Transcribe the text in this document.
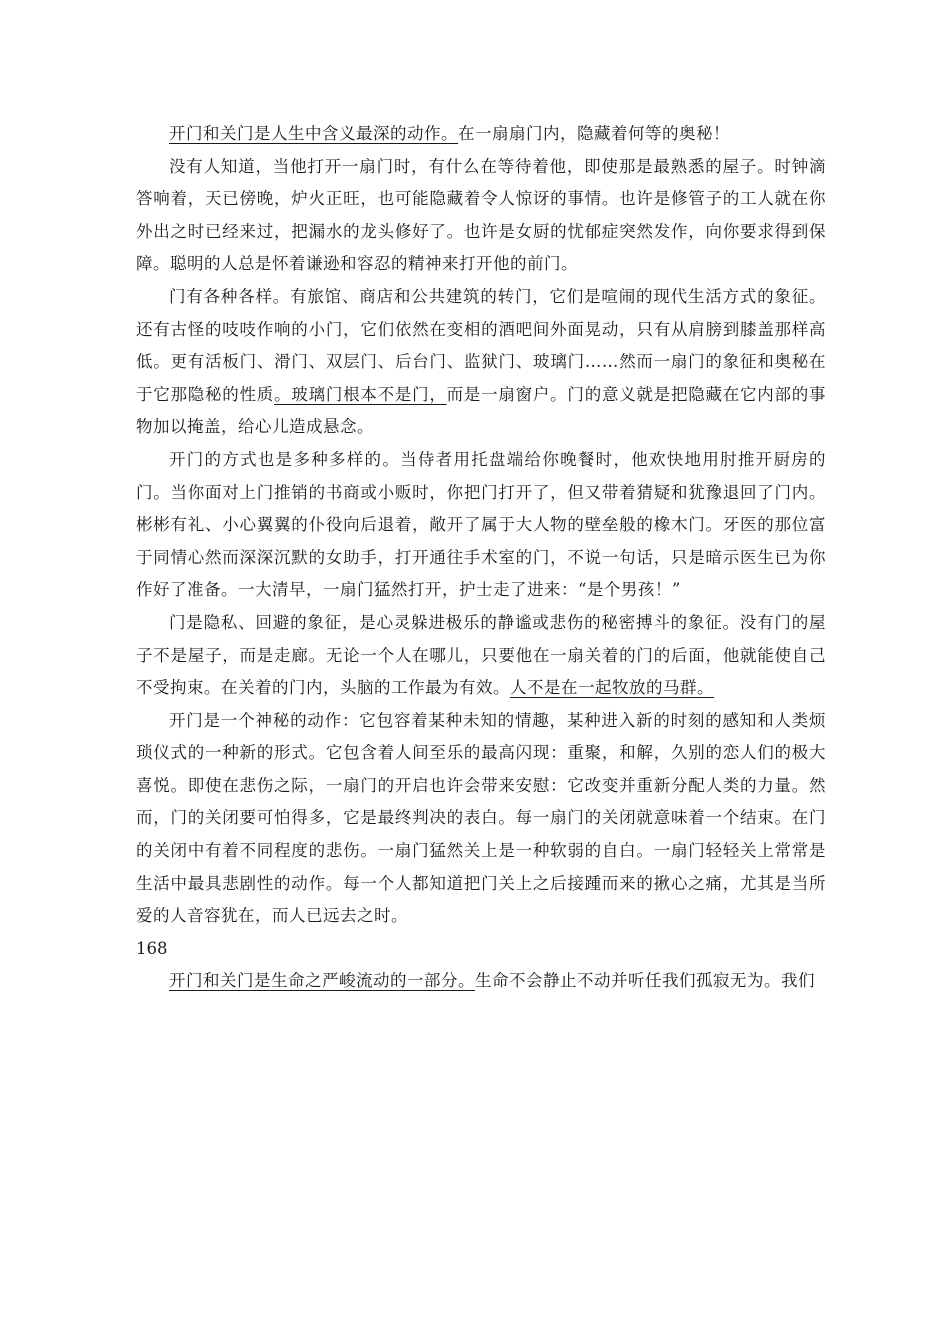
开门和关门是人生中含义最深的动作。在一扇扇门内，隐藏着何等的奥秘！

没有人知道，当他打开一扇门时，有什么在等待着他，即使那是最熟悉的屋子。时钟滴答响着，天已傍晚，炉火正旺，也可能隐藏着令人惊讶的事情。也许是修管子的工人就在你外出之时已经来过，把漏水的龙头修好了。也许是女厨的忧郁症突然发作，向你要求得到保障。聪明的人总是怀着谦逊和容忍的精神来打开他的前门。

门有各种各样。有旅馆、商店和公共建筑的转门，它们是喧闹的现代生活方式的象征。还有古怪的吱吱作响的小门，它们依然在变相的酒吧间外面晃动，只有从肩膀到膝盖那样高低。更有活板门、滑门、双层门、后台门、监狱门、玻璃门……然而一扇门的象征和奥秘在于它那隐秘的性质。玻璃门根本不是门，而是一扇窗户。门的意义就是把隐藏在它内部的事物加以掩盖，给心儿造成悬念。

开门的方式也是多种多样的。当侍者用托盘端给你晚餐时，他欢快地用肘推开厨房的门。当你面对上门推销的书商或小贩时，你把门打开了，但又带着猜疑和犹豫退回了门内。彬彬有礼、小心翼翼的仆役向后退着，敞开了属于大人物的壁垒般的橡木门。牙医的那位富于同情心然而深深沉默的女助手，打开通往手术室的门，不说一句话，只是暗示医生已为你作好了准备。一大清早，一扇门猛然打开，护士走了进来：“是个男孩！”

门是隐私、回避的象征，是心灵躲进极乐的静谧或悲伤的秘密搏斗的象征。没有门的屋子不是屋子，而是走廊。无论一个人在哪儿，只要他在一扇关着的门的后面，他就能使自己不受拘束。在关着的门内，头脑的工作最为有效。人不是在一起牧放的马群。

开门是一个神秘的动作：它包容着某种未知的情趣，某种进入新的时刻的感知和人类烦琐仪式的一种新的形式。它包含着人间至乐的最高闪现：重聚，和解，久别的恋人们的极大喜悦。即使在悲伤之际，一扇门的开启也许会带来安慰：它改变并重新分配人类的力量。然而，门的关闭要可怕得多，它是最终判决的表白。每一扇门的关闭就意味着一个结束。在门的关闭中有着不同程度的悲伤。一扇门猛然关上是一种软弱的自白。一扇门轻轻关上常常是生活中最具悲剧性的动作。每一个人都知道把门关上之后接踵而来的揪心之痛，尤其是当所爱的人音容犹在，而人已远去之时。

168

开门和关门是生命之严峻流动的一部分。生命不会静止不动并听任我们孤寂无为。我们
